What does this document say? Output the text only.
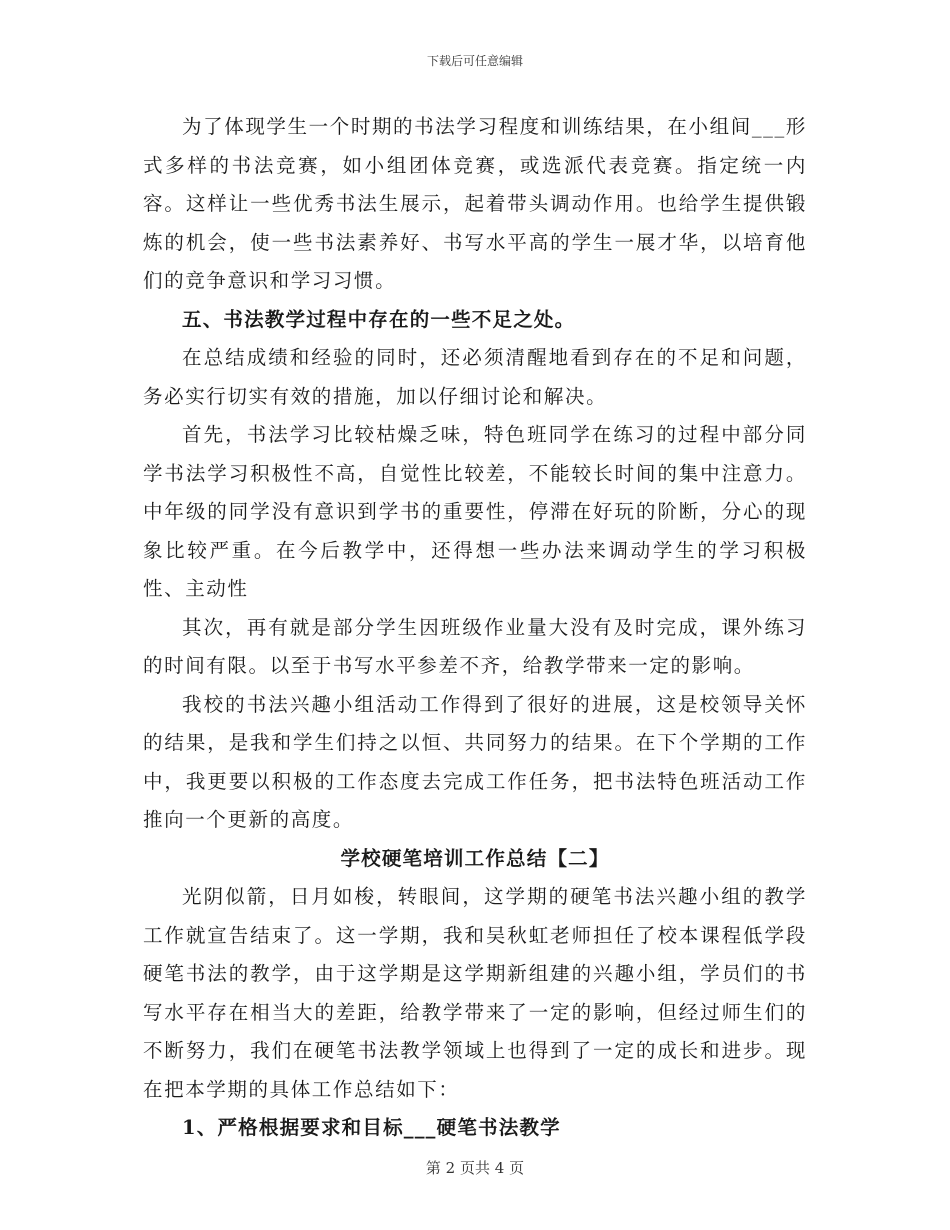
下载后可任意编辑

为了体现学生一个时期的书法学习程度和训练结果，在小组间___形式多样的书法竞赛，如小组团体竞赛，或选派代表竞赛。指定统一内容。这样让一些优秀书法生展示，起着带头调动作用。也给学生提供锻炼的机会，使一些书法素养好、书写水平高的学生一展才华，以培育他们的竞争意识和学习习惯。

五、书法教学过程中存在的一些不足之处。

在总结成绩和经验的同时，还必须清醒地看到存在的不足和问题，务必实行切实有效的措施，加以仔细讨论和解决。

首先，书法学习比较枯燥乏味，特色班同学在练习的过程中部分同学书法学习积极性不高，自觉性比较差，不能较长时间的集中注意力。中年级的同学没有意识到学书的重要性，停滞在好玩的阶断，分心的现象比较严重。在今后教学中，还得想一些办法来调动学生的学习积极性、主动性

其次，再有就是部分学生因班级作业量大没有及时完成，课外练习的时间有限。以至于书写水平参差不齐，给教学带来一定的影响。

我校的书法兴趣小组活动工作得到了很好的进展，这是校领导关怀的结果，是我和学生们持之以恒、共同努力的结果。在下个学期的工作中，我更要以积极的工作态度去完成工作任务，把书法特色班活动工作推向一个更新的高度。

学校硬笔培训工作总结【二】

光阴似箭，日月如梭，转眼间，这学期的硬笔书法兴趣小组的教学工作就宣告结束了。这一学期，我和吴秋虹老师担任了校本课程低学段硬笔书法的教学，由于这学期是这学期新组建的兴趣小组，学员们的书写水平存在相当大的差距，给教学带来了一定的影响，但经过师生们的不断努力，我们在硬笔书法教学领域上也得到了一定的成长和进步。现在把本学期的具体工作总结如下：

1、严格根据要求和目标___硬笔书法教学

第 2 页共 4 页
